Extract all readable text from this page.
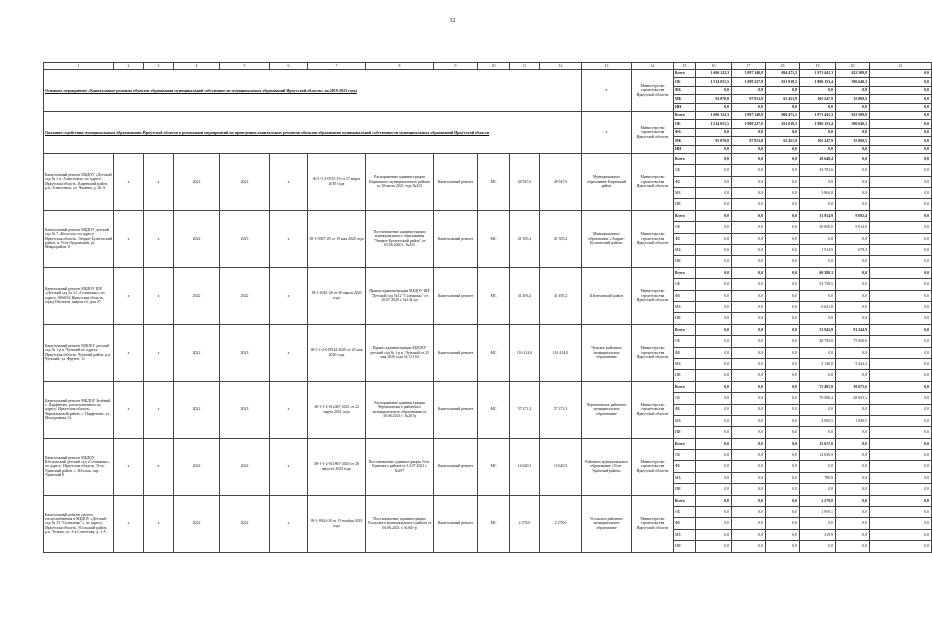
32
1	2	3	4	5	6	7	8	9	10	11	12	13	14	15	16	17	18	19	20	21
Основное мероприятие «Капитальные ремонты объектов образования муниципальной собственности муниципальных образований Иркутской области» на 2019-2023 годы												х	Министерство строительства Иркутской области	Всего	1 606 122,3	1 097 140,8	694 471,2	1 971 441,3	632 509,8	0,0
														ОБ	1 514 051,5	1 009 227,0	631 019,3	1 806 153,4	596 640,3	0,0
														ФБ	0,0	0,0	0,0	0,0	0,0	0,0
														МБ	92 070,8	87 913,8	63 451,9	165 247,9	35 869,5	0,0
														ИИ	0,0	0,0	0,0	0,0	0,0	0,0
Оказание содействия муниципальным образованиям Иркутской области в реализации мероприятий по проведению капитальных ремонтов объектов образования муниципальной собственности муниципальных образований Иркутской области												х	Министерство строительства Иркутской области	Всего	1 606 122,3	1 097 140,8	694 471,2	1 971 441,3	632 509,8	0,0
														ОБ	1 514 051,5	1 009 227,0	631 019,3	1 806 153,4	596 640,3	0,0
														ФБ	0,0	0,0	0,0	0,0	0,0	0,0
														МБ	92 070,8	87 913,8	63 451,9	165 247,9	35 869,5	0,0
														ИИ	0,0	0,0	0,0	0,0	0,0	0,0
Капитальный ремонт МБДОУ «Детский сад № 1 п. Алексеевск» по адресу: Иркутская область, Киренский район, р.п. Алексеевск, ул. Чапаева, д. 46 А	х	х	2022	2022	х	36-1-1-3-0515-19 от 27 марта 2019 года	Распоряжение администрации Киренского муниципального района от 28 июля 2021 года №413	Капитальный ремонт	МС	28 947,6	28 947,6	Муниципальное образование Киренский район	Министерство строительства Иркутской области	Всего	0,0	0,0	0,0	28 648,4	0,0	0,0
														ОБ	0,0	0,0	0,0	34 783,6	0,0	0,0
														ФБ	0,0	0,0	0,0	0,0	0,0	0,0
														МБ	0,0	0,0	0,0	3 864,8	0,0	0,0
														ИИ	0,0	0,0	0,0	0,0	0,0	0,0
Капитальный ремонт МБДОУ детский сад № 7 «Колосок» по адресу: Иркутская область, Эхирит-Булагатский район, п. Усть-Ордынский, ул. Микрорайон, 8	х	х	2022	2023	х	38-1-0387-20 от 19 мая 2020 года	Постановление администрации муниципального образования "Эхирит-Булагатский район" от 03.06.2020 г. №415	Капитальный ремонт	МС	41 505,2	41 505,2	Муниципальное образование «Эхирит-Булагатский район»	Министерство строительства Иркутской области	Всего	0,0	0,0	0,0	31 914,9	9 692,4	0,0
														ОБ	0,0	0,0	0,0	30 000,0	9 614,9	0,0
														ФБ	0,0	0,0	0,0	0,0	0,0	0,0
														МБ	0,0	0,0	0,0	1 914,9	678,3	0,0
														ИИ	0,0	0,0	0,0	0,0	0,0	0,0
Капитальный ремонт МБДОУ ШР «Детский сад № 12 «Солнышко» по адресу: 666034, Иркутская область, город Шелехов, квартал 6, дом 27	х	х	2022	2022	х	38-1-0261-20 от 30 марта 2020 года	Приказ администрации МБДОУ ШР "Детский сад №12 "Солнышко" от 20.07.2020 г. №132-од	Капитальный ремонт	МС	41 495,2	41 495,2	Шелеховский район	Министерство строительства Иркутской области	Всего	0,0	0,0	0,0	60 380,3	0,0	0,0
														ОБ	0,0	0,0	0,0	53 738,5	0,0	0,0
														ФБ	0,0	0,0	0,0	0,0	0,0	0,0
														МБ	0,0	0,0	0,0	6 641,8	0,0	0,0
														ИИ	0,0	0,0	0,0	0,0	0,0	0,0
Капитальный ремонт МДОБУ детский сад № 1 р.п. Чунский по адресу: Иркутская область, Чунский район, р.п. Чунский, ул. Фрунзе, 11	х	х	2022	2023	х	38-1-1-2-019544-2020 от 25 мая 2020 года	Приказ администрации МДОБУ детский сад № 1 р.п. Чунский от 25 мая 2020 года № О-104	Капитальный ремонт	МС	116 414,0	116 414,0	Чунское районное муниципальное образование	Министерство строительства Иркутской области	Всего	0,0	0,0	0,0	53 942,8	81 244,9	0,0
														ОБ	0,0	0,0	0,0	48 794,8	75 820,6	0,0
														ФБ	0,0	0,0	0,0	0,0	0,0	0,0
														МБ	0,0	0,0	0,0	5 148,0	5 424,3	0,0
														ИИ	0,0	0,0	0,0	0,0	0,0	0,0
Капитальный ремонт МКДОУ Зелёный с. Парфеново, расположенного по адресу: Иркутская область, Черемховский район, с. Парфеново, ул. Молодежная 14	х	х	2022	2023	х	38-1-1-2-012467-2021 от 22 марта 2021 года	Распоряжение администрации Черемховского районного муниципального образования от 30.06.2021 г. №207р	Капитальный ремонт	МС	57 271,3	57 271,3	Черемховское районное муниципальное образование	Министерство строительства Иркутской области	Всего	0,0	0,0	0,0	75 491,9	30 675,6	0,0
														ОБ	0,0	0,0	0,0	70 586,4	28 835,1	0,0
														ФБ	0,0	0,0	0,0	0,0	0,0	0,0
														МБ	0,0	0,0	0,0	4 905,5	1 840,5	0,0
														ИИ	0,0	0,0	0,0	0,0	0,0	0,0
Капитальный ремонт МБДОУ Юголокский детский сад «Солнышко», по адресу: Иркутская область, Усть-Удинский район, с. Юголок, пер. Удинский 8	х	х	2022	2022	х	38-1-1-2-011867-2020 от 28 августа 2020 года	Постановление администрации Усть-Удинского района от 14.07.2021 г. №297	Капитальный ремонт	МС	14 620,3	14 620,3	Районное муниципальное образование «Усть-Удинский район»	Министерство строительства Иркутской области	Всего	0,0	0,0	0,0	15 617,0	0,0	0,0
														ОБ	0,0	0,0	0,0	14 836,9	0,0	0,0
														ФБ	0,0	0,0	0,0	0,0	0,0	0,0
														МБ	0,0	0,0	0,0	780,9	0,0	0,0
														ИИ	0,0	0,0	0,0	0,0	0,0	0,0
Капитальный ремонт систем теплоснабжения в МБДОУ «Детский сад № 15 "Солнышко"», по адресу: Иркутская область, Усольский район, р.п. Тельма, ул. 3-я Советская, д. 1 А	х	х	2022	2022	х	38-1-0944-18 от 15 ноября 2018 года	Постановление администрации Усольского муниципального района от 04.06.2021 г. №365-р	Капитальный ремонт	МС	2 278,0	2 278,0	Усольское районное муниципальное образование	Министерство строительства Иркутской области	Всего	0,0	0,0	0,0	2 279,0	0,0	0,0
														ОБ	0,0	0,0	0,0	1 959,1	0,0	0,0
														ФБ	0,0	0,0	0,0	0,0	0,0	0,0
														МБ	0,0	0,0	0,0	319,9	0,0	0,0
														ИИ	0,0	0,0	0,0	0,0	0,0	0,0
